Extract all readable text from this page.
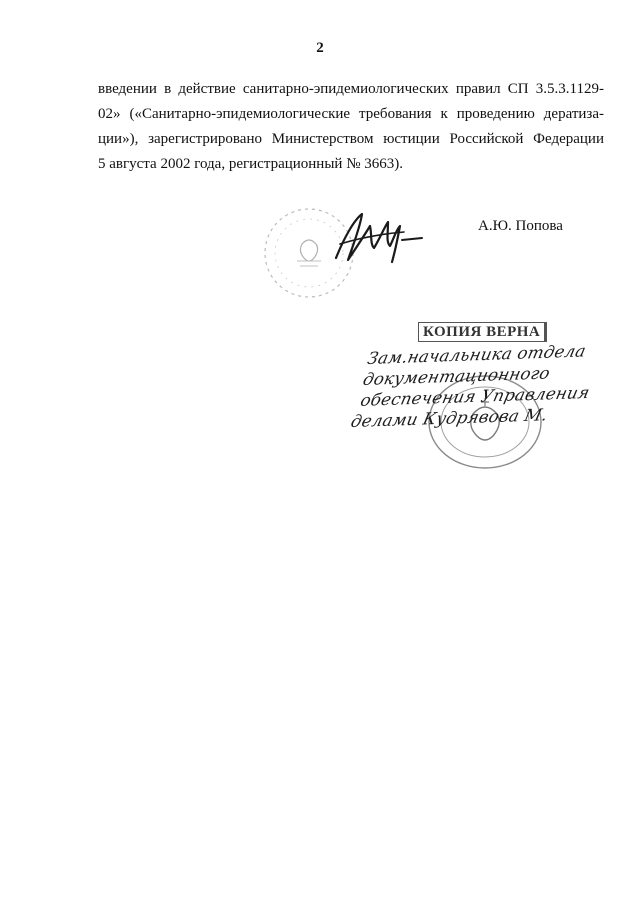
2
введении в действие санитарно-эпидемиологических правил СП 3.5.3.1129-
02» («Санитарно-эпидемиологические требования к проведению дератиза-
ции»), зарегистрировано Министерством юстиции Российской Федерации
5 августа 2002 года, регистрационный № 3663).
А.Ю. Попова
КОПИЯ ВЕРНА
Зам.начальника отдела
документационного
обеспечения Управления
делами Кудрявова М.
